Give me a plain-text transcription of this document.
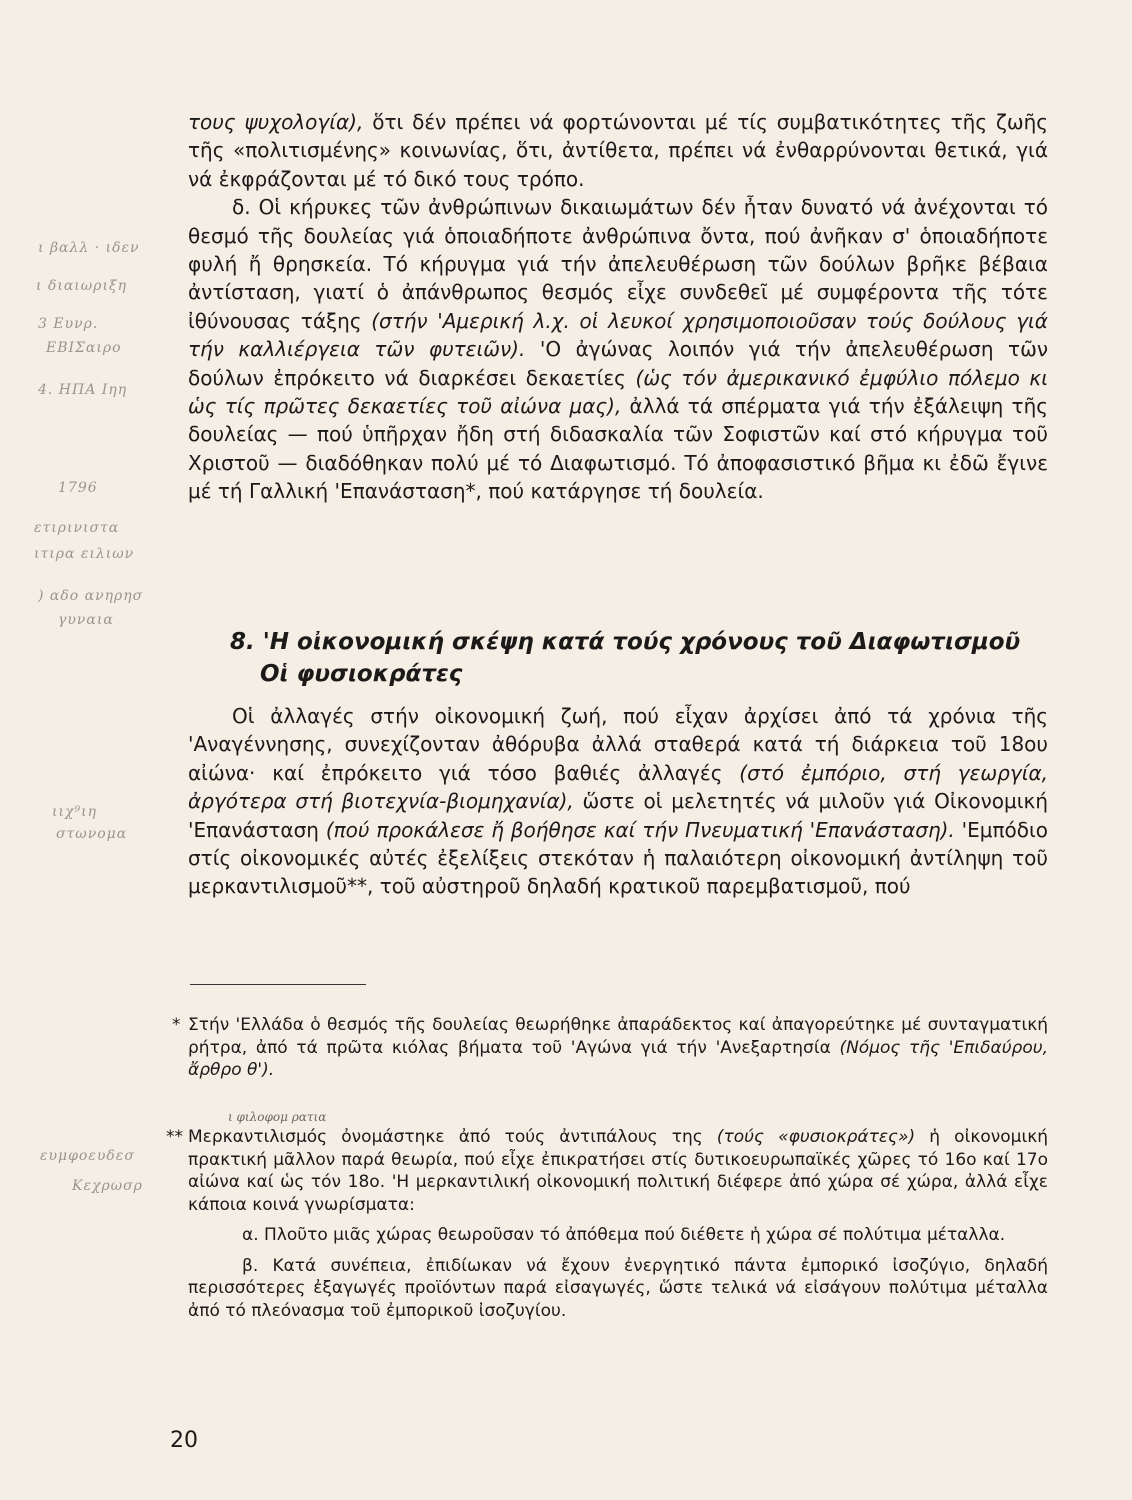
ι βαλλ · ιδεν
ι διαιωριξη
3 Ευνρ.
ΕΒΙΣαιρο
4. ΗΠΑ Ιηη
1796
ετιρινιστα
ιτιρα ειλιων
) αδο ανηρησ
γυναια
ιιχ⁹ιη
στωνομα
ευμφοευδεσ
Κεχρωσρ
ι φιλοφομ ρατια

τους ψυχολογία), ὅτι δέν πρέπει νά φορτώνονται μέ τίς συμβατικότητες τῆς ζωῆς τῆς «πολιτισμένης» κοινωνίας, ὅτι, ἀντίθετα, πρέπει νά ἐνθαρρύνονται θετικά, γιά νά ἐκφράζονται μέ τό δικό τους τρόπο.

δ. Οἱ κήρυκες τῶν ἀνθρώπινων δικαιωμάτων δέν ἦταν δυνατό νά ἀνέχονται τό θεσμό τῆς δουλείας γιά ὁποιαδήποτε ἀνθρώπινα ὄντα, πού ἀνῆκαν σ' ὁποιαδήποτε φυλή ἤ θρησκεία. Τό κήρυγμα γιά τήν ἀπελευθέρωση τῶν δούλων βρῆκε βέβαια ἀντίσταση, γιατί ὁ ἀπάνθρωπος θεσμός εἶχε συνδεθεῖ μέ συμφέροντα τῆς τότε ἰθύνουσας τάξης (στήν 'Αμερική λ.χ. οἱ λευκοί χρησιμοποιοῦσαν τούς δούλους γιά τήν καλλιέργεια τῶν φυτειῶν). 'Ο ἀγώνας λοιπόν γιά τήν ἀπελευθέρωση τῶν δούλων ἐπρόκειτο νά διαρκέσει δεκαετίες (ὡς τόν ἀμερικανικό ἐμφύλιο πόλεμο κι ὡς τίς πρῶτες δεκαετίες τοῦ αἰώνα μας), ἀλλά τά σπέρματα γιά τήν ἐξάλειψη τῆς δουλείας — πού ὑπῆρχαν ἤδη στή διδασκαλία τῶν Σοφιστῶν καί στό κήρυγμα τοῦ Χριστοῦ — διαδόθηκαν πολύ μέ τό Διαφωτισμό. Τό ἀποφασιστικό βῆμα κι ἐδῶ ἔγινε μέ τή Γαλλική 'Επανάσταση*, πού κατάργησε τή δουλεία.

8. 'Η οἰκονομική σκέψη κατά τούς χρόνους τοῦ Διαφωτισμοῦ
Οἱ φυσιοκράτες

Οἱ ἀλλαγές στήν οἰκονομική ζωή, πού εἶχαν ἀρχίσει ἀπό τά χρόνια τῆς 'Αναγέννησης, συνεχίζονταν ἀθόρυβα ἀλλά σταθερά κατά τή διάρκεια τοῦ 18ου αἰώνα· καί ἐπρόκειτο γιά τόσο βαθιές ἀλλαγές (στό ἐμπόριο, στή γεωργία, ἀργότερα στή βιοτεχνία-βιομηχανία), ὥστε οἱ μελετητές νά μιλοῦν γιά Οἰκονομική 'Επανάσταση (πού προκάλεσε ἤ βοήθησε καί τήν Πνευματική 'Επανάσταση). 'Εμπόδιο στίς οἰκονομικές αὐτές ἐξελίξεις στεκόταν ἡ παλαιότερη οἰκονομική ἀντίληψη τοῦ μερκαντιλισμοῦ**, τοῦ αὐστηροῦ δηλαδή κρατικοῦ παρεμβατισμοῦ, πού

* Στήν 'Ελλάδα ὁ θεσμός τῆς δουλείας θεωρήθηκε ἀπαράδεκτος καί ἀπαγορεύτηκε μέ συνταγματική ρήτρα, ἀπό τά πρῶτα κιόλας βήματα τοῦ 'Αγώνα γιά τήν 'Ανεξαρτησία (Νόμος τῆς 'Επιδαύρου, ἄρθρο θ').
** Μερκαντιλισμός ὀνομάστηκε ἀπό τούς ἀντιπάλους της (τούς «φυσιοκράτες») ἡ οἰκονομική πρακτική μᾶλλον παρά θεωρία, πού εἶχε ἐπικρατήσει στίς δυτικοευρωπαϊκές χῶρες τό 16ο καί 17ο αἰώνα καί ὡς τόν 18ο. 'Η μερκαντιλική οἰκονομική πολιτική διέφερε ἀπό χώρα σέ χώρα, ἀλλά εἶχε κάποια κοινά γνωρίσματα:
α. Πλοῦτο μιᾶς χώρας θεωροῦσαν τό ἀπόθεμα πού διέθετε ἡ χώρα σέ πολύτιμα μέταλλα.
β. Κατά συνέπεια, ἐπιδίωκαν νά ἔχουν ἐνεργητικό πάντα ἐμπορικό ἰσοζύγιο, δηλαδή περισσότερες ἐξαγωγές προϊόντων παρά εἰσαγωγές, ὥστε τελικά νά εἰσάγουν πολύτιμα μέταλλα ἀπό τό πλεόνασμα τοῦ ἐμπορικοῦ ἰσοζυγίου.
20
